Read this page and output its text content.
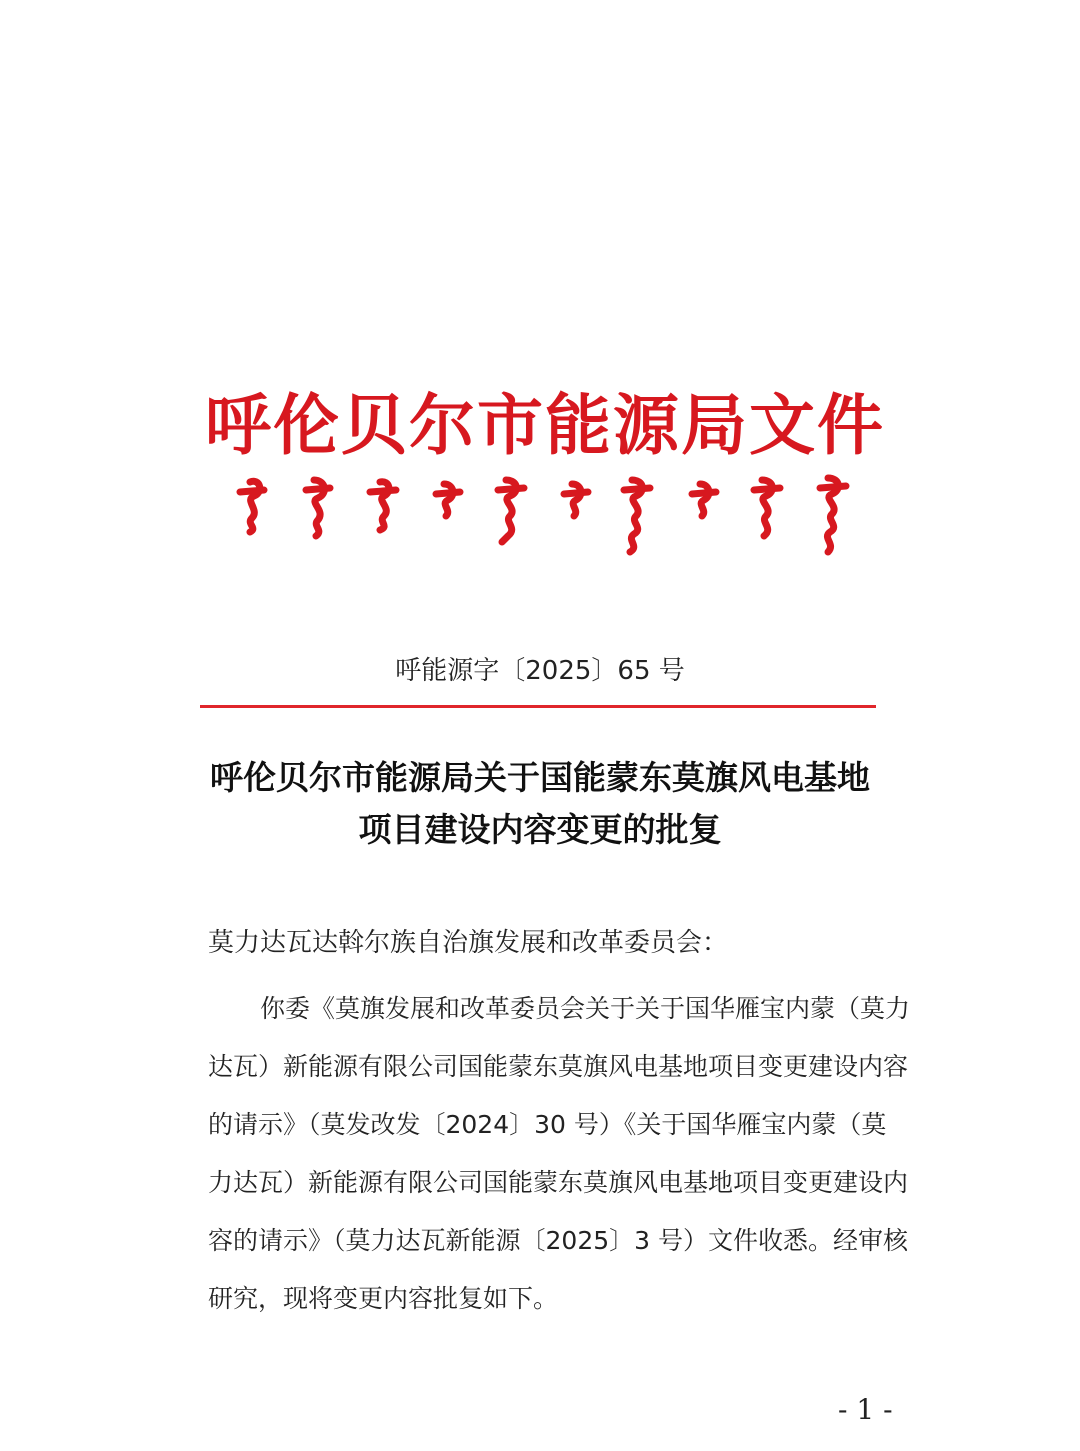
呼伦贝尔市能源局文件
呼能源字〔2025〕65 号
呼伦贝尔市能源局关于国能蒙东莫旗风电基地
项目建设内容变更的批复
莫力达瓦达斡尔族自治旗发展和改革委员会：
你委《莫旗发展和改革委员会关于关于国华雁宝内蒙（莫力
达瓦）新能源有限公司国能蒙东莫旗风电基地项目变更建设内容
的请示》（莫发改发〔2024〕30 号）《关于国华雁宝内蒙（莫
力达瓦）新能源有限公司国能蒙东莫旗风电基地项目变更建设内
容的请示》（莫力达瓦新能源〔2025〕3 号）文件收悉。经审核
研究，现将变更内容批复如下。
- 1 -
